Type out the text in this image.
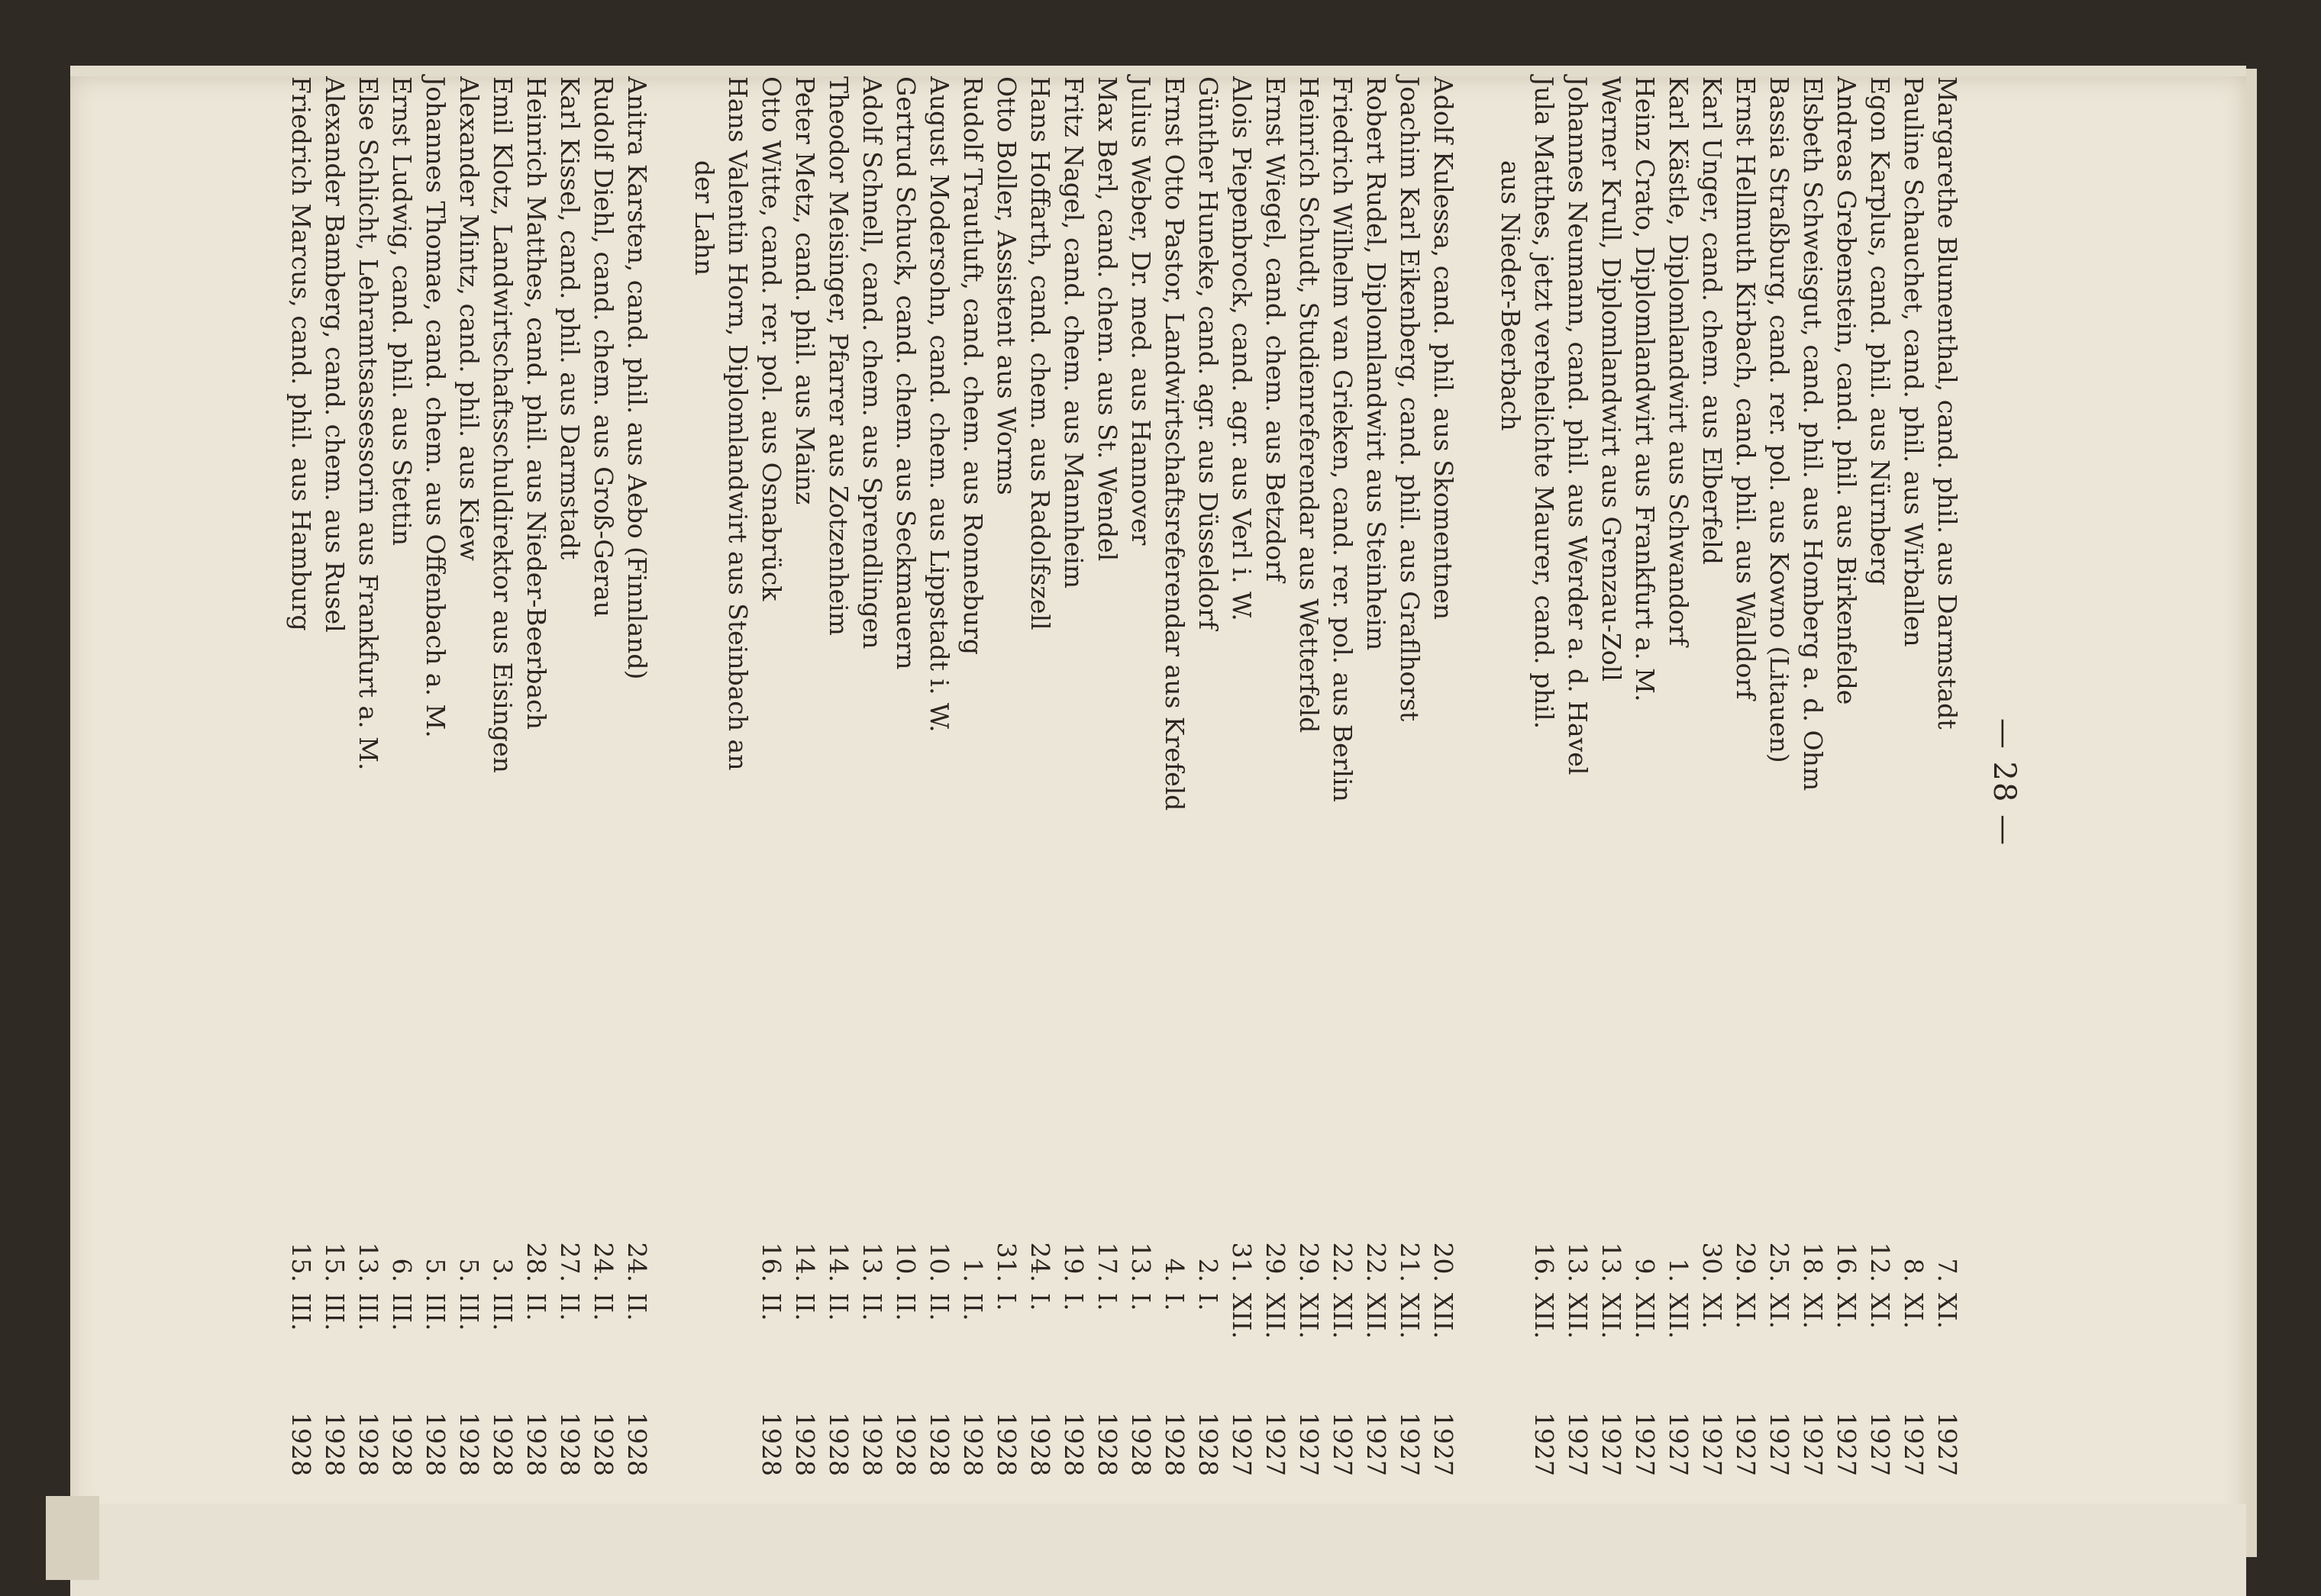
— 28 —
Margarethe Blumenthal, cand. phil. aus Darmstadt
7.
XI.
1927
Pauline Schauchet, cand. phil. aus Wirballen
8.
XI.
1927
Egon Karplus, cand. phil. aus Nürnberg
12.
XI.
1927
Andreas Grebenstein, cand. phil. aus Birkenfelde
16.
XI.
1927
Elsbeth Schweisgut, cand. phil. aus Homberg a. d. Ohm
18.
XI.
1927
Bassia Straßburg, cand. rer. pol. aus Kowno (Litauen)
25.
XI.
1927
Ernst Hellmuth Kirbach, cand. phil. aus Walldorf
29.
XI.
1927
Karl Unger, cand. chem. aus Elberfeld
30.
XI.
1927
Karl Kästle, Diplomlandwirt aus Schwandorf
1.
XII.
1927
Heinz Crato, Diplomlandwirt aus Frankfurt a. M.
9.
XII.
1927
Werner Krull, Diplomlandwirt aus Grenzau-Zoll
13.
XII.
1927
Johannes Neumann, cand. phil. aus Werder a. d. Havel
13.
XII.
1927
Jula Matthes, jetzt verehelichte Maurer, cand. phil.
16.
XII.
1927
aus Nieder-Beerbach
Adolf Kulessa, cand. phil. aus Skomentnen
20.
XII.
1927
Joachim Karl Eikenberg, cand. phil. aus Graflhorst
21.
XII.
1927
Robert Rudel, Diplomlandwirt aus Steinheim
22.
XII.
1927
Friedrich Wilhelm van Grieken, cand. rer. pol. aus Berlin
22.
XII.
1927
Heinrich Schudt, Studienreferendar aus Wetterfeld
29.
XII.
1927
Ernst Wiegel, cand. chem. aus Betzdorf
29.
XII.
1927
Alois Piepenbrock, cand. agr. aus Verl i. W.
31.
XII.
1927
Günther Huneke, cand. agr. aus Düsseldorf
2.
I.
1928
Ernst Otto Pastor, Landwirtschaftsreferendar aus Krefeld
4.
I.
1928
Julius Weber, Dr. med. aus Hannover
13.
I.
1928
Max Berl, cand. chem. aus St. Wendel
17.
I.
1928
Fritz Nagel, cand. chem. aus Mannheim
19.
I.
1928
Hans Hoffarth, cand. chem. aus Radolfszell
24.
I.
1928
Otto Boller, Assistent aus Worms
31.
I.
1928
Rudolf Trautluft, cand. chem. aus Ronneburg
1.
II.
1928
August Modersohn, cand. chem. aus Lippstadt i. W.
10.
II.
1928
Gertrud Schuck, cand. chem. aus Seckmauern
10.
II.
1928
Adolf Schnell, cand. chem. aus Sprendlingen
13.
II.
1928
Theodor Meisinger, Pfarrer aus Zotzenheim
14.
II.
1928
Peter Metz, cand. phil. aus Mainz
14.
II.
1928
Otto Witte, cand. rer. pol. aus Osnabrück
16.
II.
1928
Hans Valentin Horn, Diplomlandwirt aus Steinbach an
der Lahn
Anitra Karsten, cand. phil. aus Aebo (Finnland)
24.
II.
1928
Rudolf Diehl, cand. chem. aus Groß-Gerau
24.
II.
1928
Karl Kissel, cand. phil. aus Darmstadt
27.
II.
1928
Heinrich Matthes, cand. phil. aus Nieder-Beerbach
28.
II.
1928
Emil Klotz, Landwirtschaftsschuldirektor aus Eisingen
3.
III.
1928
Alexander Mintz, cand. phil. aus Kiew
5.
III.
1928
Johannes Thomae, cand. chem. aus Offenbach a. M.
5.
III.
1928
Ernst Ludwig, cand. phil. aus Stettin
6.
III.
1928
Else Schlicht, Lehramtsassessorin aus Frankfurt a. M.
13.
III.
1928
Alexander Bamberg, cand. chem. aus Rusel
15.
III.
1928
Friedrich Marcus, cand. phil. aus Hamburg
15.
III.
1928
